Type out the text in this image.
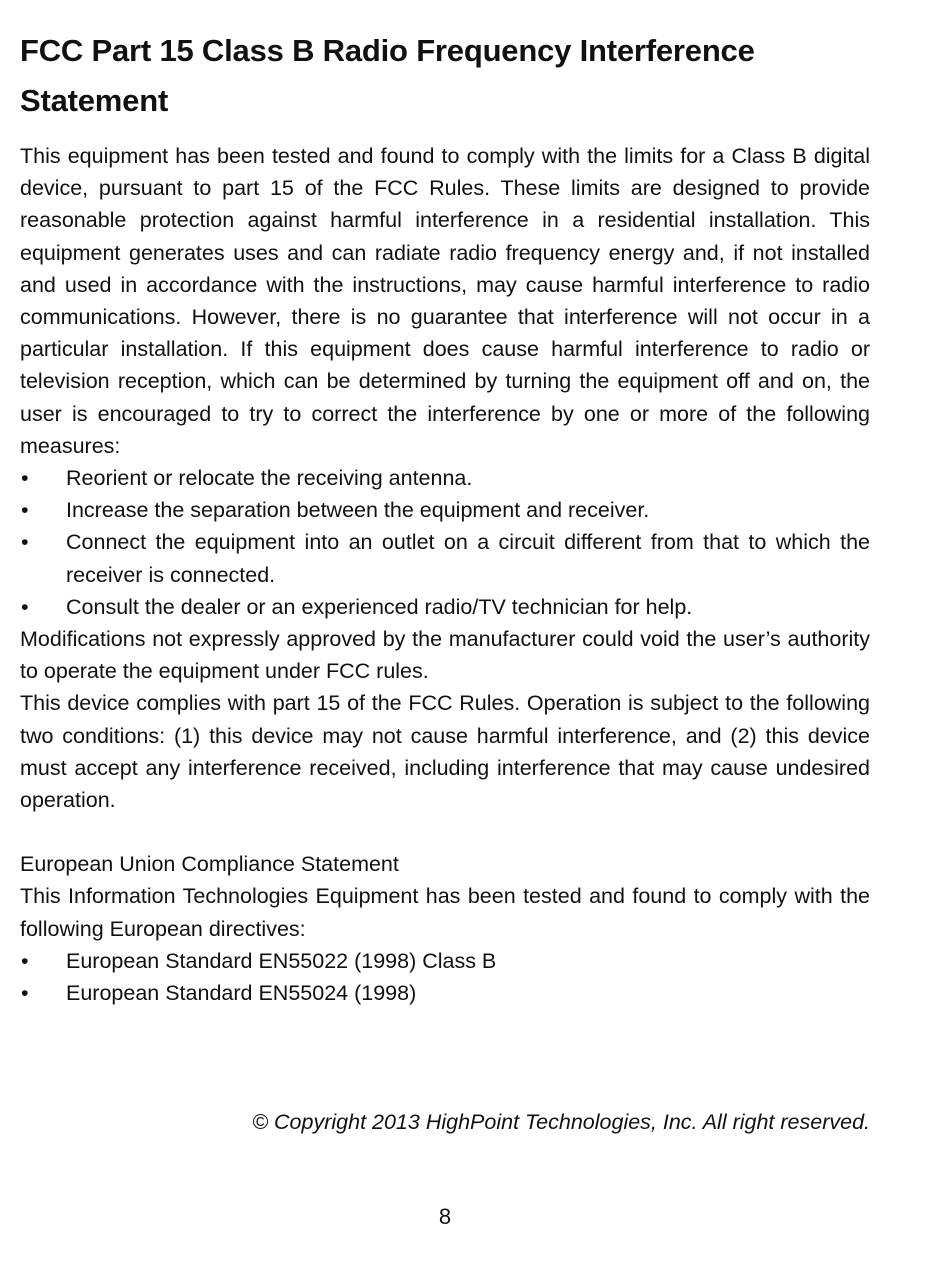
FCC Part 15 Class B Radio Frequency Interference Statement

This equipment has been tested and found to comply with the limits for a Class B digital device, pursuant to part 15 of the FCC Rules. These limits are designed to provide reasonable protection against harmful interference in a residential installation. This equipment generates uses and can radiate radio frequency energy and, if not installed and used in accordance with the instructions, may cause harmful interference to radio communications. However, there is no guarantee that interference will not occur in a particular installation. If this equipment does cause harmful interference to radio or television reception, which can be determined by turning the equipment off and on, the user is encouraged to try to correct the interference by one or more of the following measures:

•	Reorient or relocate the receiving antenna.
•	Increase the separation between the equipment and receiver.
•	Connect the equipment into an outlet on a circuit different from that to which the receiver is connected.
•	Consult the dealer or an experienced radio/TV technician for help.

Modifications not expressly approved by the manufacturer could void the user’s authority to operate the equipment under FCC rules.

This device complies with part 15 of the FCC Rules. Operation is subject to the following two conditions: (1) this device may not cause harmful interference, and (2) this device must accept any interference received, including interference that may cause undesired operation.

European Union Compliance Statement

This Information Technologies Equipment has been tested and found to comply with the following European directives:

•	European Standard EN55022 (1998) Class B
•	European Standard EN55024 (1998)
© Copyright 2013 HighPoint Technologies, Inc. All right reserved.
8
